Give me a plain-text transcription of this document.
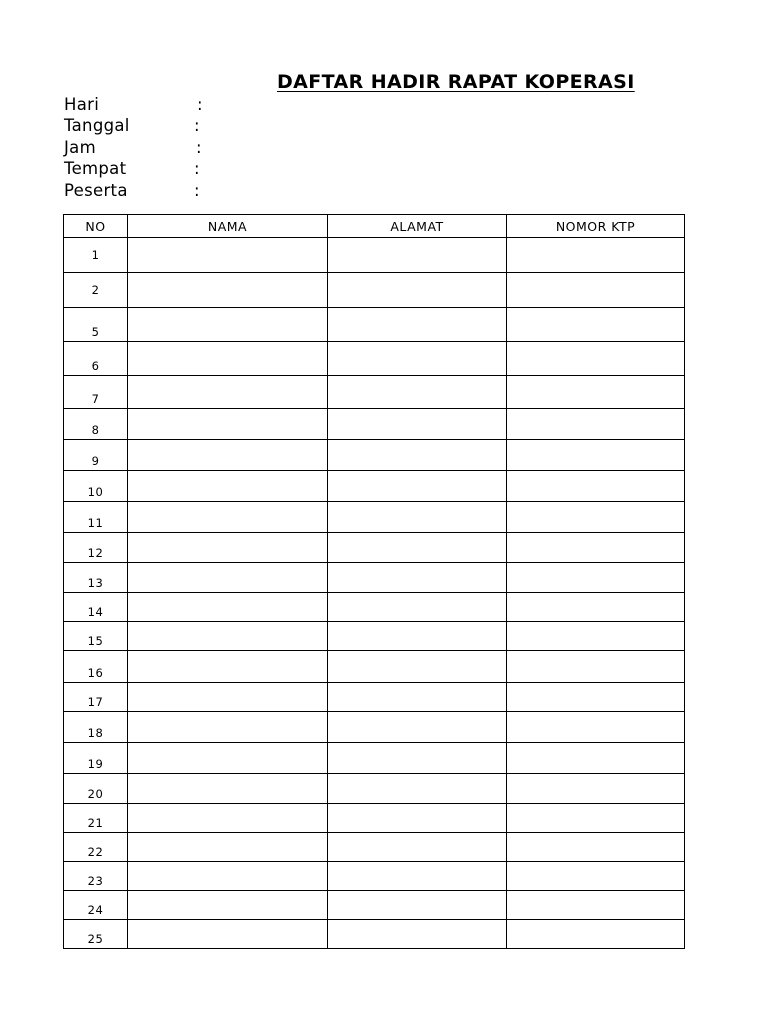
DAFTAR HADIR RAPAT KOPERASI
Hari	:
Tanggal	:
Jam	:
Tempat	:
Peserta	:
NO	NAMA	ALAMAT	NOMOR KTP
1			
2			
5			
6			
7			
8			
9			
10			
11			
12			
13			
14			
15			
16			
17			
18			
19			
20			
21			
22			
23			
24			
25			
